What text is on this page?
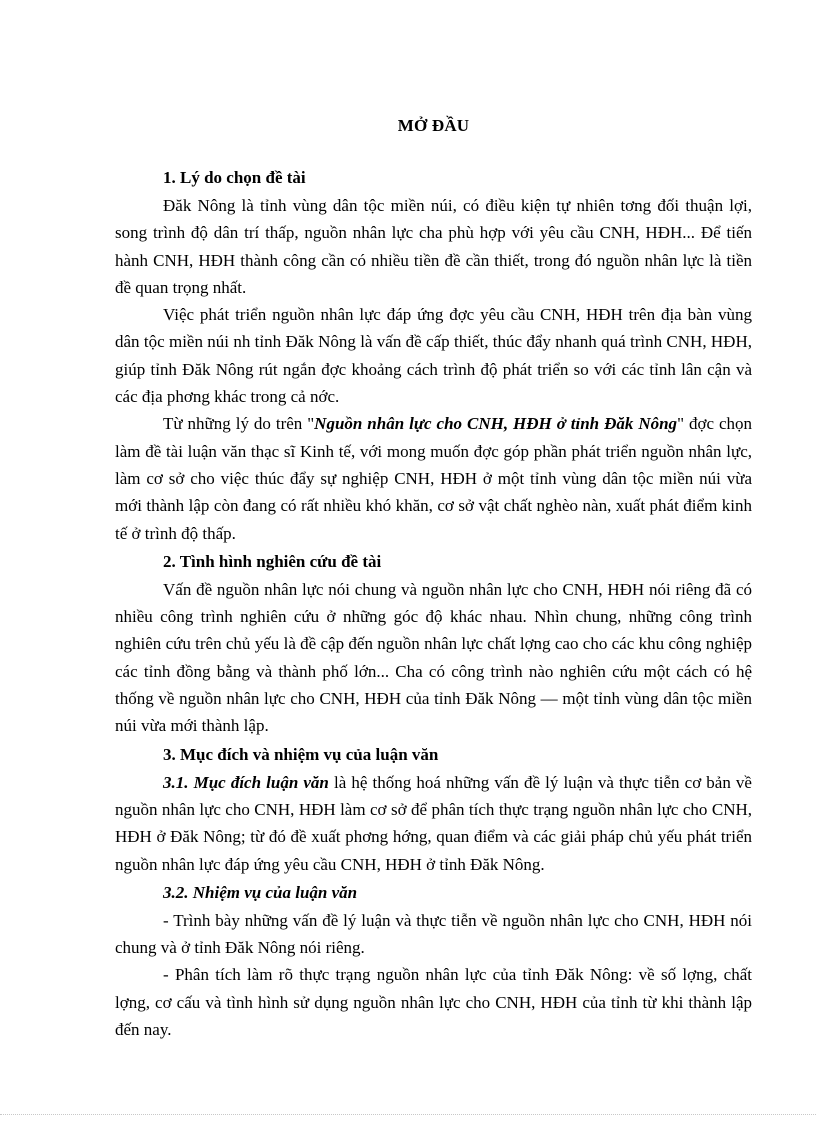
MỞ ĐẦU
1. Lý do chọn đề tài

Đăk Nông là tỉnh vùng dân tộc miền núi, có điều kiện tự nhiên tơng đối thuận lợi, song trình độ dân trí thấp, nguồn nhân lực cha phù hợp với yêu cầu CNH, HĐH... Để tiến hành CNH, HĐH thành công cần có nhiều tiền đề cần thiết, trong đó nguồn nhân lực là tiền đề quan trọng nhất.

Việc phát triển nguồn nhân lực đáp ứng đợc yêu cầu CNH, HĐH trên địa bàn vùng dân tộc miền núi nh tỉnh Đăk Nông là vấn đề cấp thiết, thúc đẩy nhanh quá trình CNH, HĐH, giúp tỉnh Đăk Nông rút ngắn đợc khoảng cách trình độ phát triển so với các tỉnh lân cận và các địa phơng khác trong cả nớc.

Từ những lý do trên "Nguồn nhân lực cho CNH, HĐH ở tỉnh Đăk Nông" đợc chọn làm đề tài luận văn thạc sĩ Kinh tế, với mong muốn đợc góp phần phát triển nguồn nhân lực, làm cơ sở cho việc thúc đẩy sự nghiệp CNH, HĐH ở một tỉnh vùng dân tộc miền núi vừa mới thành lập còn đang có rất nhiều khó khăn, cơ sở vật chất nghèo nàn, xuất phát điểm kinh tế ở trình độ thấp.

2. Tình hình nghiên cứu đề tài

Vấn đề nguồn nhân lực nói chung và nguồn nhân lực cho CNH, HĐH nói riêng đã có nhiều công trình nghiên cứu ở những góc độ khác nhau. Nhìn chung, những công trình nghiên cứu trên chủ yếu là đề cập đến nguồn nhân lực chất lợng cao cho các khu công nghiệp các tỉnh đồng bằng và thành phố lớn... Cha có công trình nào nghiên cứu một cách có hệ thống về nguồn nhân lực cho CNH, HĐH của tỉnh Đăk Nông — một tỉnh vùng dân tộc miền núi vừa mới thành lập.

3. Mục đích và nhiệm vụ của luận văn

3.1. Mục đích luận văn là hệ thống hoá những vấn đề lý luận và thực tiễn cơ bản về nguồn nhân lực cho CNH, HĐH làm cơ sở để phân tích thực trạng nguồn nhân lực cho CNH, HĐH ở Đăk Nông; từ đó đề xuất phơng hớng, quan điểm và các giải pháp chủ yếu phát triển nguồn nhân lực đáp ứng yêu cầu CNH, HĐH ở tỉnh Đăk Nông.

3.2. Nhiệm vụ của luận văn

- Trình bày những vấn đề lý luận và thực tiễn về nguồn nhân lực cho CNH, HĐH nói chung và ở tỉnh Đăk Nông nói riêng.

- Phân tích làm rõ thực trạng nguồn nhân lực của tỉnh Đăk Nông: về số lợng, chất lợng, cơ cấu và tình hình sử dụng nguồn nhân lực cho CNH, HĐH của tỉnh từ khi thành lập đến nay.
